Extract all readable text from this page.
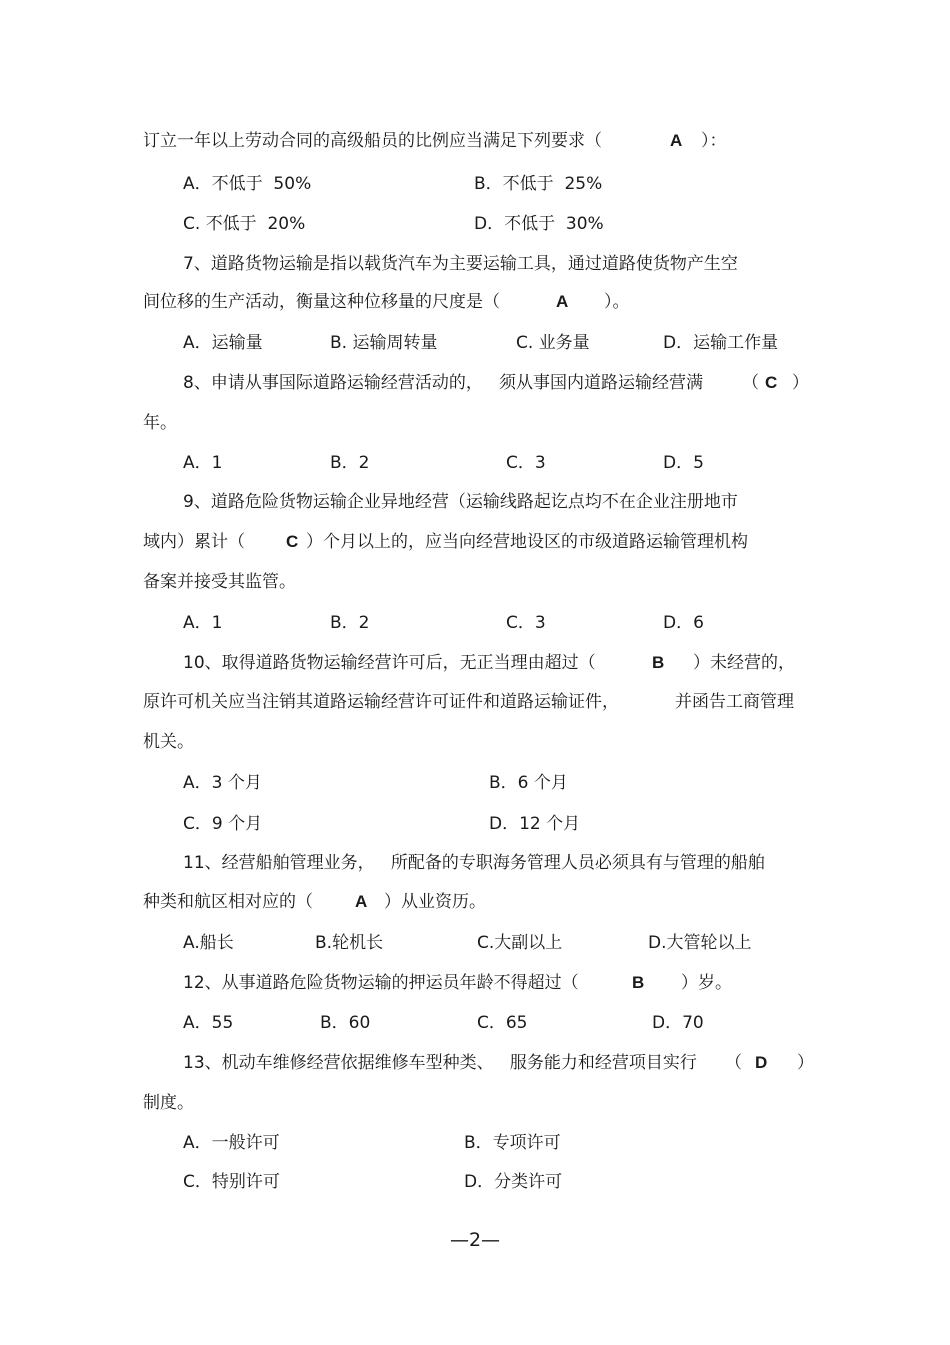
订立一年以上劳动合同的高级船员的比例应当满足下列要求（	A ）：
A．不低于  50%	B．不低于  25%
C. 不低于  20%	D．不低于  30%
7、道路货物运输是指以载货汽车为主要运输工具，通过道路使货物产生空
间位移的生产活动，衡量这种位移量的尺度是（	A ）。
A．运输量	B. 运输周转量	C. 业务量	D．运输工作量
8、申请从事国际道路运输经营活动的，   须从事国内道路运输经营满 （ C ）
年。
A．1	B．2	C．3	D．5
9、道路危险货物运输企业异地经营（运输线路起讫点均不在企业注册地市
域内）累计（ C ）个月以上的，应当向经营地设区的市级道路运输管理机构
备案并接受其监管。
A．1	B．2	C．3	D．6
10、取得道路货物运输经营许可后，无正当理由超过（	B ）未经营的，
原许可机关应当注销其道路运输经营许可证件和道路运输证件，	并函告工商管理
机关。
A．3 个月	B．6 个月
C．9 个月	D．12 个月
11、经营船舶管理业务，   所配备的专职海务管理人员必须具有与管理的船舶
种类和航区相对应的（ A ）从业资历。
A.船长	B.轮机长	C.大副以上	D.大管轮以上
12、从事道路危险货物运输的押运员年龄不得超过（	B ）岁。
A．55	B．60	C．65	D．70
13、机动车维修经营依据维修车型种类、   服务能力和经营项目实行 （ D ）
制度。
A．一般许可	B．专项许可
C．特别许可	D．分类许可
—2—
